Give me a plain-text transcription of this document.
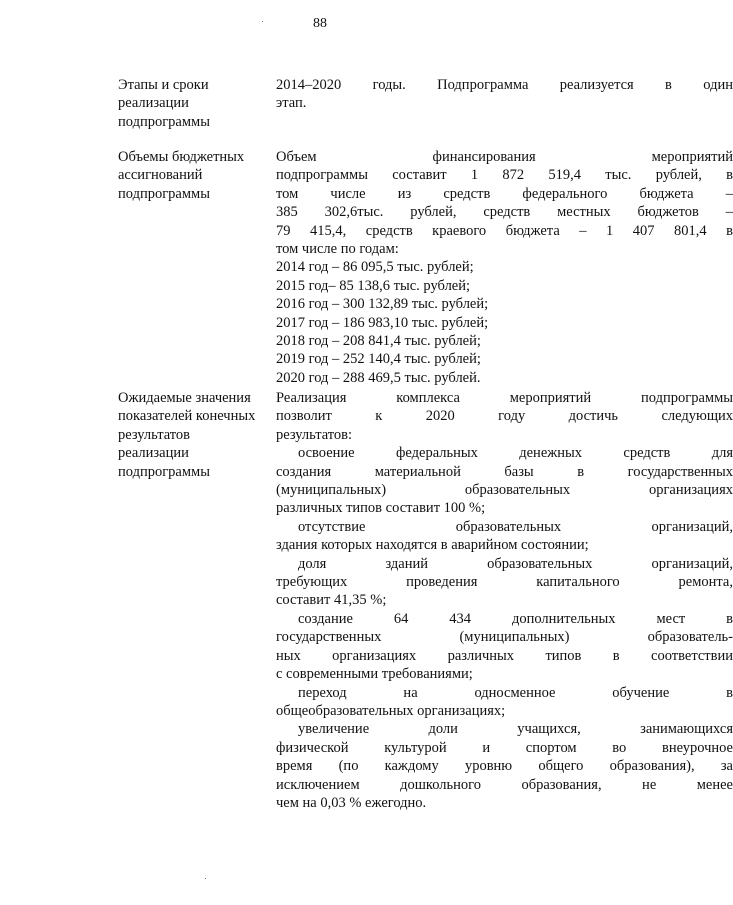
88
Этапы и сроки
реализации
подпрограммы
2014–2020 годы. Подпрограмма реализуется в один
этап.
Объемы бюджетных
ассигнований
подпрограммы
Объем финансирования мероприятий
подпрограммы составит 1 872 519,4 тыс. рублей, в
том числе из средств федерального бюджета –
385 302,6тыс. рублей, средств местных бюджетов –
79 415,4, средств краевого бюджета – 1 407 801,4 в
том числе по годам:
2014 год – 86 095,5 тыс. рублей;
2015 год– 85 138,6 тыс. рублей;
2016 год – 300 132,89 тыс. рублей;
2017 год – 186 983,10 тыс. рублей;
2018 год – 208 841,4 тыс. рублей;
2019 год – 252 140,4 тыс. рублей;
2020 год – 288 469,5 тыс. рублей.
Ожидаемые значения
показателей конечных
результатов
реализации
подпрограммы
Реализация комплекса мероприятий подпрограммы
позволит к 2020 году достичь следующих
результатов:
освоение федеральных денежных средств для
создания материальной базы в государственных
(муниципальных) образовательных организациях
различных типов составит 100 %;
отсутствие образовательных организаций,
здания которых находятся в аварийном состоянии;
доля зданий образовательных организаций,
требующих проведения капитального ремонта,
составит 41,35 %;
создание 64 434 дополнительных мест в
государственных (муниципальных) образователь-
ных организациях различных типов в соответствии
с современными требованиями;
переход на односменное обучение в
общеобразовательных организациях;
увеличение доли учащихся, занимающихся
физической культурой и спортом во внеурочное
время (по каждому уровню общего образования), за
исключением дошкольного образования, не менее
чем на 0,03 % ежегодно.
